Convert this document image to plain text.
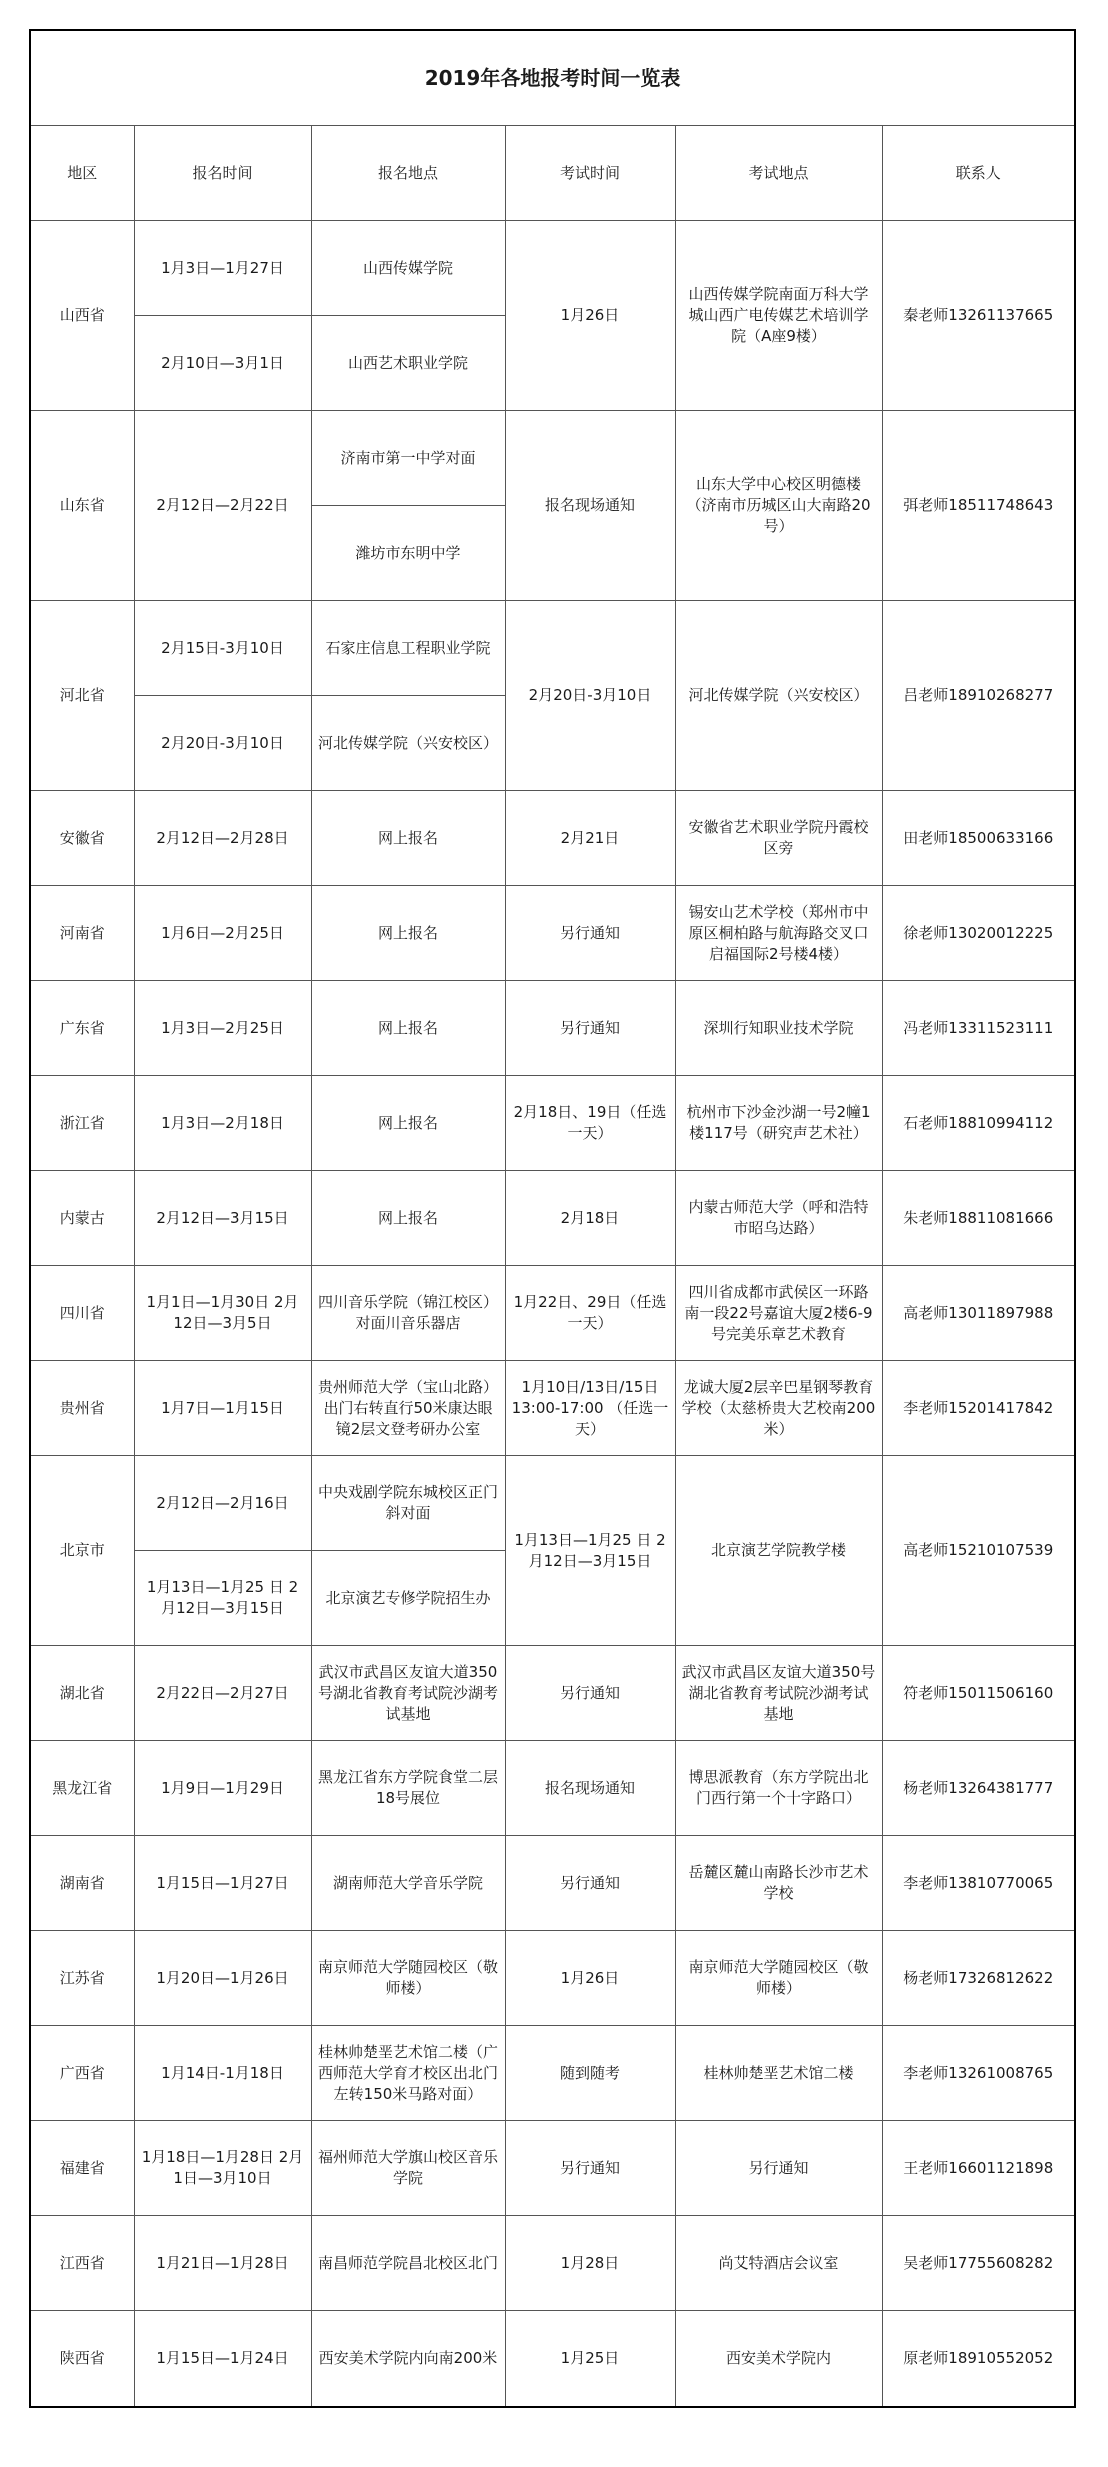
2019年各地报考时间一览表					
地区	报名时间	报名地点	考试时间	考试地点	联系人
山西省	1月3日—1月27日	山西传媒学院	1月26日	山西传媒学院南面万科大学城山西广电传媒艺术培训学院（A座9楼）	秦老师13261137665
	2月10日—3月1日	山西艺术职业学院			
山东省	2月12日—2月22日	济南市第一中学对面	报名现场通知	山东大学中心校区明德楼（济南市历城区山大南路20号）	弭老师18511748643
		潍坊市东明中学			
河北省	2月15日-3月10日	石家庄信息工程职业学院	2月20日-3月10日	河北传媒学院（兴安校区）	吕老师18910268277
	2月20日-3月10日	河北传媒学院（兴安校区）			
安徽省	2月12日—2月28日	网上报名	2月21日	安徽省艺术职业学院丹霞校区旁	田老师18500633166
河南省	1月6日—2月25日	网上报名	另行通知	锡安山艺术学校（郑州市中原区桐柏路与航海路交叉口启福国际2号楼4楼）	徐老师13020012225
广东省	1月3日—2月25日	网上报名	另行通知	深圳行知职业技术学院	冯老师13311523111
浙江省	1月3日—2月18日	网上报名	2月18日、19日（任选一天）	杭州市下沙金沙湖一号2幢1楼117号（研究声艺术社）	石老师18810994112
内蒙古	2月12日—3月15日	网上报名	2月18日	内蒙古师范大学（呼和浩特市昭乌达路）	朱老师18811081666
四川省	1月1日—1月30日 2月12日—3月5日	四川音乐学院（锦江校区）对面川音乐器店	1月22日、29日（任选一天）	四川省成都市武侯区一环路南一段22号嘉谊大厦2楼6-9号完美乐章艺术教育	高老师13011897988
贵州省	1月7日—1月15日	贵州师范大学（宝山北路）出门右转直行50米康达眼镜2层文登考研办公室	1月10日/13日/15日 13:00-17:00 （任选一天）	龙诚大厦2层辛巴星钢琴教育学校（太慈桥贵大艺校南200米）	李老师15201417842
北京市	2月12日—2月16日	中央戏剧学院东城校区正门斜对面	1月13日—1月25 日 2月12日—3月15日	北京演艺学院教学楼	高老师15210107539
	1月13日—1月25 日 2月12日—3月15日	北京演艺专修学院招生办			
湖北省	2月22日—2月27日	武汉市武昌区友谊大道350号湖北省教育考试院沙湖考试基地	另行通知	武汉市武昌区友谊大道350号湖北省教育考试院沙湖考试基地	符老师15011506160
黑龙江省	1月9日—1月29日	黑龙江省东方学院食堂二层18号展位	报名现场通知	博思派教育（东方学院出北门西行第一个十字路口）	杨老师13264381777
湖南省	1月15日—1月27日	湖南师范大学音乐学院	另行通知	岳麓区麓山南路长沙市艺术学校	李老师13810770065
江苏省	1月20日—1月26日	南京师范大学随园校区（敬师楼）	1月26日	南京师范大学随园校区（敬师楼）	杨老师17326812622
广西省	1月14日-1月18日	桂林帅楚垩艺术馆二楼（广西师范大学育才校区出北门左转150米马路对面）	随到随考	桂林帅楚垩艺术馆二楼	李老师13261008765
福建省	1月18日—1月28日 2月1日—3月10日	福州师范大学旗山校区音乐学院	另行通知	另行通知	王老师16601121898
江西省	1月21日—1月28日	南昌师范学院昌北校区北门	1月28日	尚艾特酒店会议室	吴老师17755608282
陕西省	1月15日—1月24日	西安美术学院内向南200米	1月25日	西安美术学院内	原老师18910552052
